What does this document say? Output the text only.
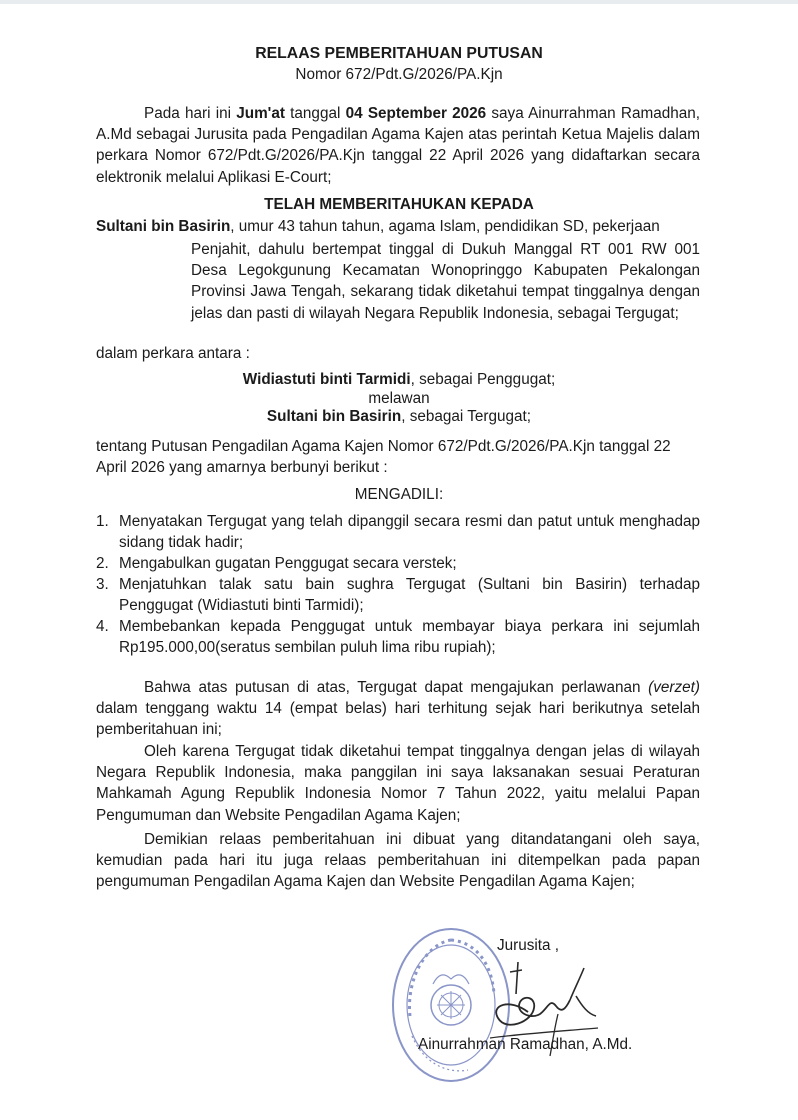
RELAAS PEMBERITAHUAN PUTUSAN
Nomor 672/Pdt.G/2026/PA.Kjn
Pada hari ini Jum'at tanggal 04 September 2026 saya Ainurrahman Ramadhan, A.Md sebagai Jurusita pada Pengadilan Agama Kajen atas perintah Ketua Majelis dalam perkara Nomor 672/Pdt.G/2026/PA.Kjn tanggal 22 April 2026 yang didaftarkan secara elektronik melalui Aplikasi E-Court;
TELAH MEMBERITAHUKAN KEPADA
Sultani bin Basirin, umur 43 tahun tahun, agama Islam, pendidikan SD, pekerjaan
Penjahit, dahulu bertempat tinggal di Dukuh Manggal RT 001 RW 001 Desa Legokgunung Kecamatan Wonopringgo Kabupaten Pekalongan Provinsi Jawa Tengah, sekarang tidak diketahui tempat tinggalnya dengan jelas dan pasti di wilayah Negara Republik Indonesia, sebagai Tergugat;
dalam perkara antara :
Widiastuti binti Tarmidi, sebagai Penggugat;
melawan
Sultani bin Basirin, sebagai Tergugat;
tentang Putusan Pengadilan Agama Kajen Nomor 672/Pdt.G/2026/PA.Kjn tanggal 22 April 2026 yang amarnya berbunyi berikut :
MENGADILI:
1. Menyatakan Tergugat yang telah dipanggil secara resmi dan patut untuk menghadap sidang tidak hadir;
2. Mengabulkan gugatan Penggugat secara verstek;
3. Menjatuhkan talak satu bain sughra Tergugat (Sultani bin Basirin) terhadap Penggugat (Widiastuti binti Tarmidi);
4. Membebankan kepada Penggugat untuk membayar biaya perkara ini sejumlah Rp195.000,00(seratus sembilan puluh lima ribu rupiah);
Bahwa atas putusan di atas, Tergugat dapat mengajukan perlawanan (verzet) dalam tenggang waktu 14 (empat belas) hari terhitung sejak hari berikutnya setelah pemberitahuan ini;
Oleh karena Tergugat tidak diketahui tempat tinggalnya dengan jelas di wilayah Negara Republik Indonesia, maka panggilan ini saya laksanakan sesuai Peraturan Mahkamah Agung Republik Indonesia Nomor 7 Tahun 2022, yaitu melalui Papan Pengumuman dan Website Pengadilan Agama Kajen;
Demikian relaas pemberitahuan ini dibuat yang ditandatangani oleh saya, kemudian pada hari itu juga relaas pemberitahuan ini ditempelkan pada papan pengumuman Pengadilan Agama Kajen dan Website Pengadilan Agama Kajen;
Jurusita ,
Ainurrahman Ramadhan, A.Md.
